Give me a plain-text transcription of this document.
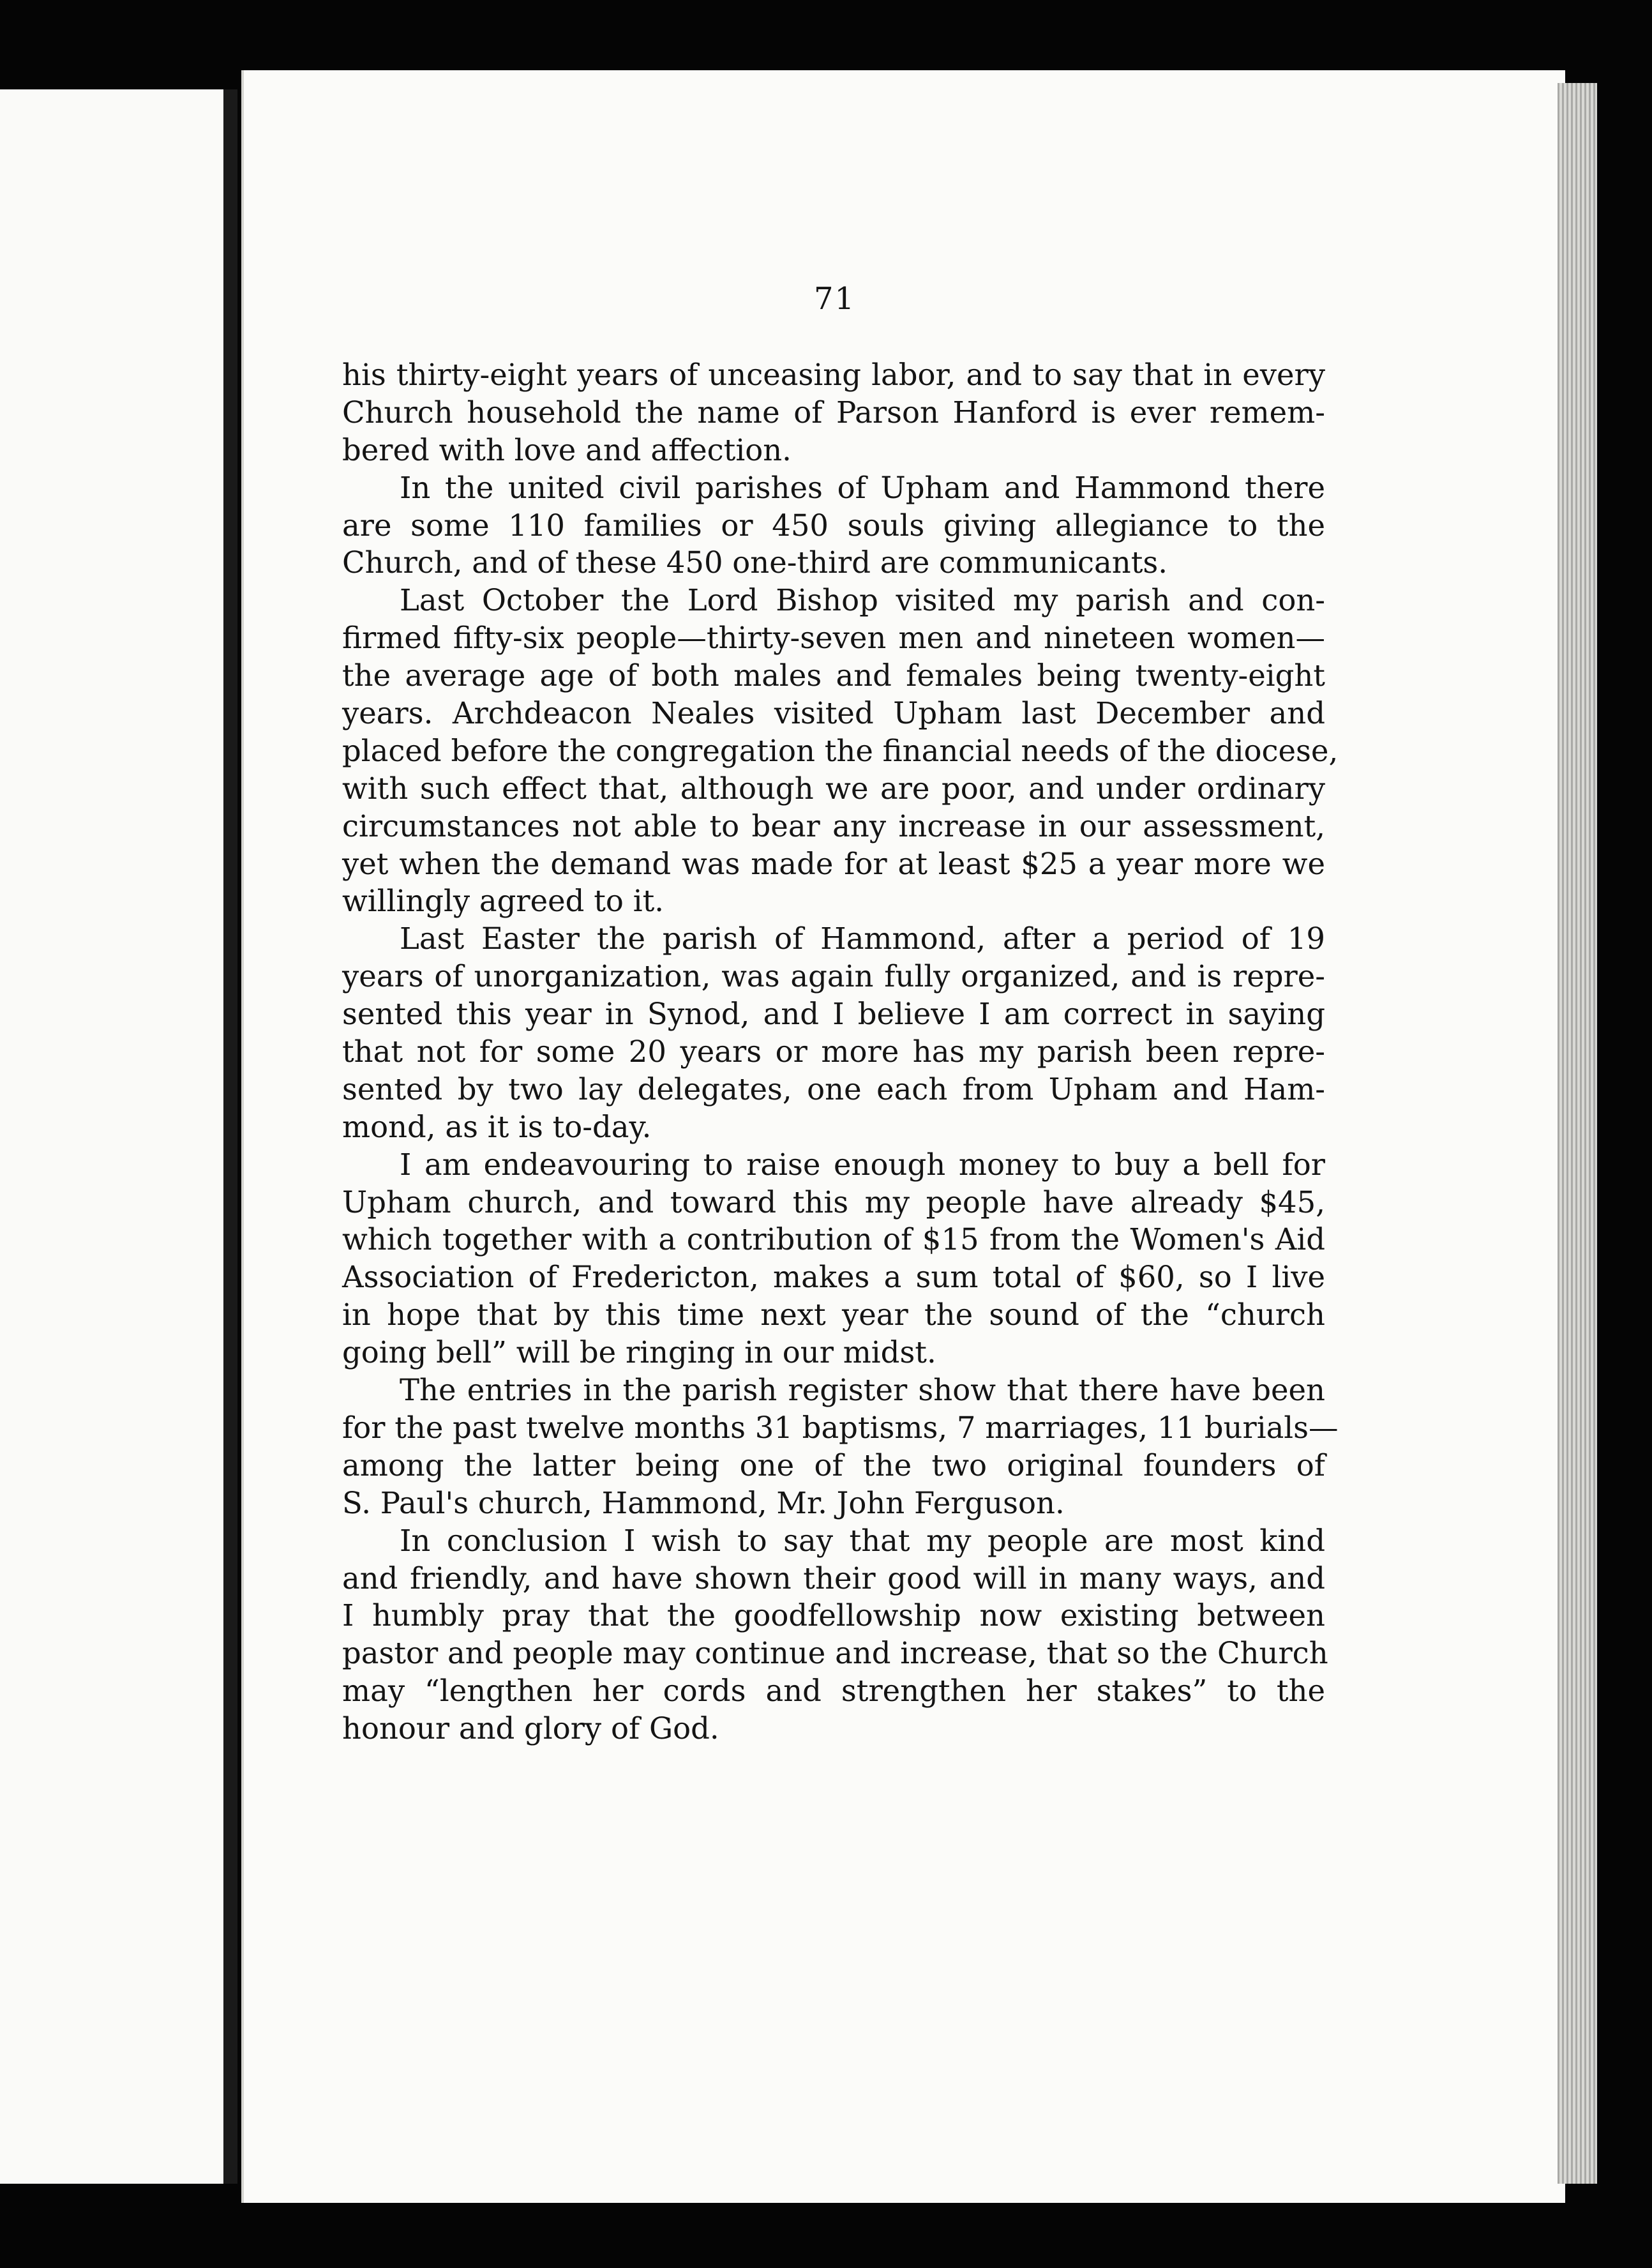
71
his thirty-eight years of unceasing labor, and to say that in every
Church household the name of Parson Hanford is ever remem-
bered with love and affection.
In the united civil parishes of Upham and Hammond there
are some 110 families or 450 souls giving allegiance to the
Church, and of these 450 one-third are communicants.
Last October the Lord Bishop visited my parish and con-
firmed fifty-six people—thirty-seven men and nineteen women—
the average age of both males and females being twenty-eight
years. Archdeacon Neales visited Upham last December and
placed before the congregation the financial needs of the diocese,
with such effect that, although we are poor, and under ordinary
circumstances not able to bear any increase in our assessment,
yet when the demand was made for at least $25 a year more we
willingly agreed to it.
Last Easter the parish of Hammond, after a period of 19
years of unorganization, was again fully organized, and is repre-
sented this year in Synod, and I believe I am correct in saying
that not for some 20 years or more has my parish been repre-
sented by two lay delegates, one each from Upham and Ham-
mond, as it is to-day.
I am endeavouring to raise enough money to buy a bell for
Upham church, and toward this my people have already $45,
which together with a contribution of $15 from the Women's Aid
Association of Fredericton, makes a sum total of $60, so I live
in hope that by this time next year the sound of the “church
going bell” will be ringing in our midst.
The entries in the parish register show that there have been
for the past twelve months 31 baptisms, 7 marriages, 11 burials—
among the latter being one of the two original founders of
S. Paul's church, Hammond, Mr. John Ferguson.
In conclusion I wish to say that my people are most kind
and friendly, and have shown their good will in many ways, and
I humbly pray that the goodfellowship now existing between
pastor and people may continue and increase, that so the Church
may “lengthen her cords and strengthen her stakes” to the
honour and glory of God.
